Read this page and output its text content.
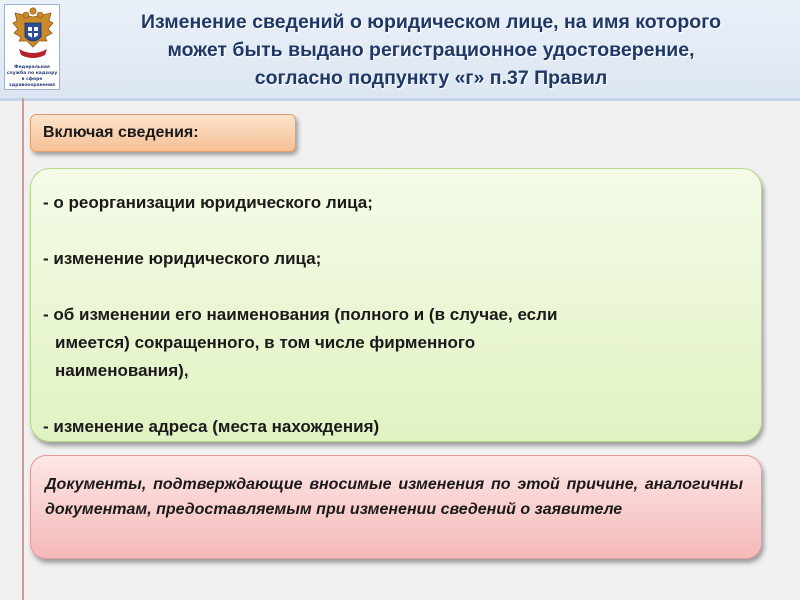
Федеральная служба по надзору в сфере здравоохранения
Изменение сведений о юридическом лице, на имя которого
может быть выдано регистрационное удостоверение,
согласно подпункту «г» п.37 Правил
Включая сведения:
- о реорганизации юридического лица;
- изменение юридического лица;
- об изменении его наименования (полного и (в случае, если
имеется) сокращенного, в том числе фирменного
наименования),
- изменение адреса (места нахождения)
Документы, подтверждающие вносимые изменения по этой причине, аналогичны документам, предоставляемым при изменении сведений о заявителе
